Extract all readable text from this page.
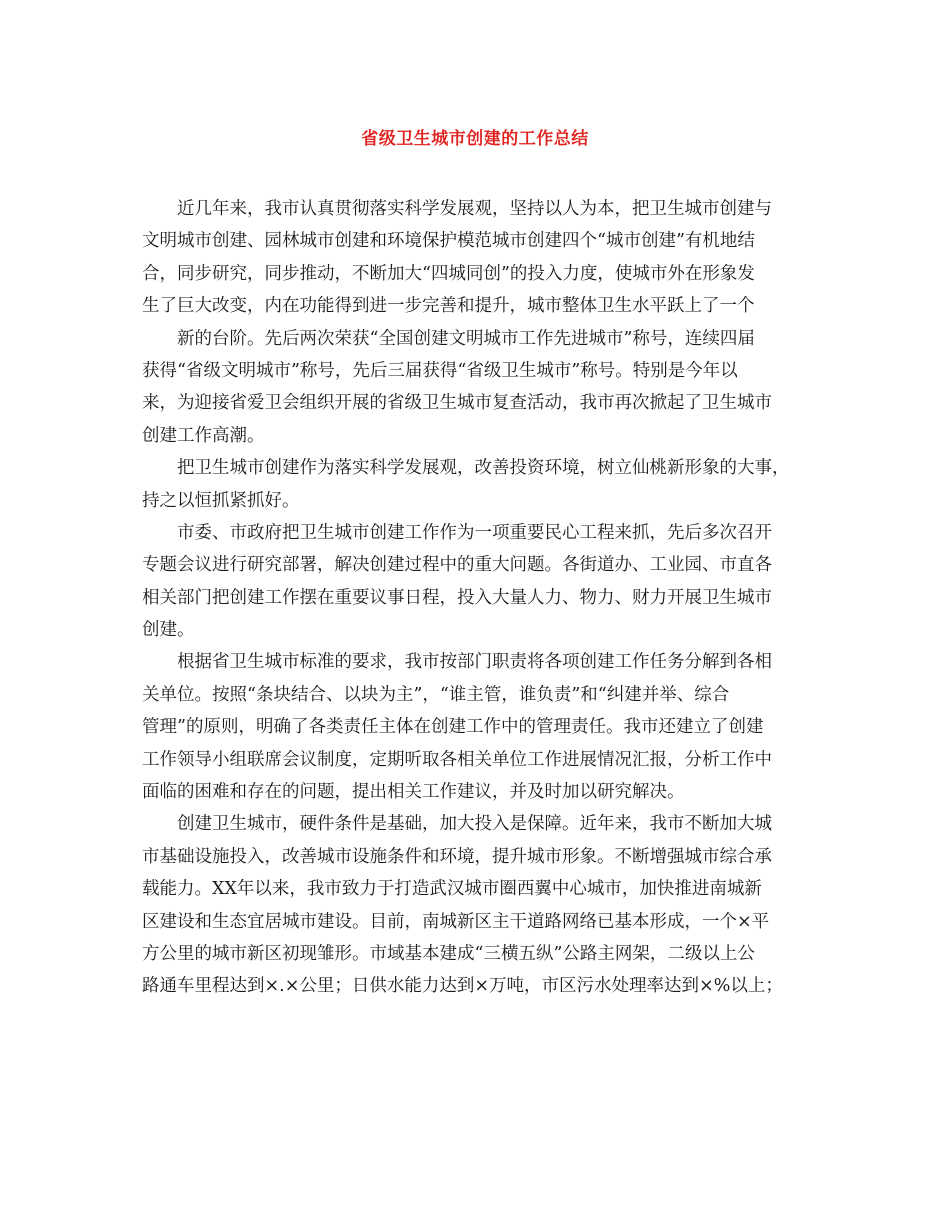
省级卫生城市创建的工作总结
近几年来，我市认真贯彻落实科学发展观，坚持以人为本，把卫生城市创建与
文明城市创建、园林城市创建和环境保护模范城市创建四个“城市创建”有机地结
合，同步研究，同步推动，不断加大“四城同创”的投入力度，使城市外在形象发
生了巨大改变，内在功能得到进一步完善和提升，城市整体卫生水平跃上了一个
新的台阶。先后两次荣获“全国创建文明城市工作先进城市”称号，连续四届
获得“省级文明城市”称号，先后三届获得“省级卫生城市”称号。特别是今年以
来，为迎接省爱卫会组织开展的省级卫生城市复查活动，我市再次掀起了卫生城市
创建工作高潮。
把卫生城市创建作为落实科学发展观，改善投资环境，树立仙桃新形象的大事，
持之以恒抓紧抓好。
市委、市政府把卫生城市创建工作作为一项重要民心工程来抓，先后多次召开
专题会议进行研究部署，解决创建过程中的重大问题。各街道办、工业园、市直各
相关部门把创建工作摆在重要议事日程，投入大量人力、物力、财力开展卫生城市
创建。
根据省卫生城市标准的要求，我市按部门职责将各项创建工作任务分解到各相
关单位。按照“条块结合、以块为主”，“谁主管，谁负责”和“纠建并举、综合
管理”的原则，明确了各类责任主体在创建工作中的管理责任。我市还建立了创建
工作领导小组联席会议制度，定期听取各相关单位工作进展情况汇报，分析工作中
面临的困难和存在的问题，提出相关工作建议，并及时加以研究解决。
创建卫生城市，硬件条件是基础，加大投入是保障。近年来，我市不断加大城
市基础设施投入，改善城市设施条件和环境，提升城市形象。不断增强城市综合承
载能力。XX年以来，我市致力于打造武汉城市圈西翼中心城市，加快推进南城新
区建设和生态宜居城市建设。目前，南城新区主干道路网络已基本形成，一个×平
方公里的城市新区初现雏形。市域基本建成“三横五纵”公路主网架，二级以上公
路通车里程达到×.×公里；日供水能力达到×万吨，市区污水处理率达到×%以上；
